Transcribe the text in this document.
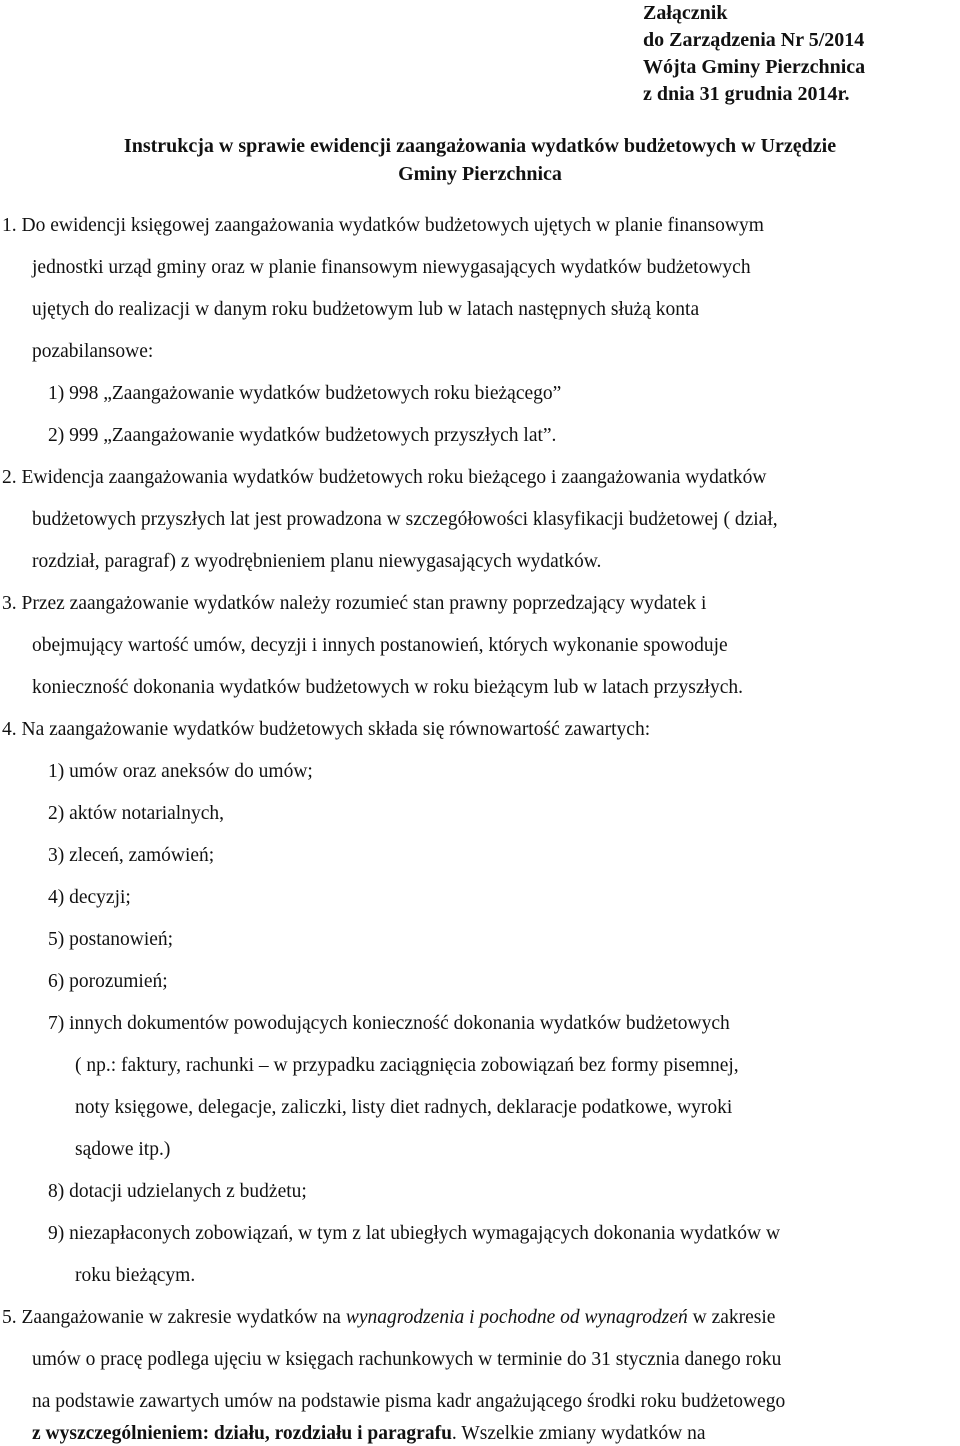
Załącznik
do Zarządzenia Nr 5/2014
Wójta Gminy Pierzchnica
z dnia 31 grudnia 2014r.
Instrukcja w sprawie ewidencji zaangażowania wydatków budżetowych w Urzędzie
Gminy Pierzchnica
1. Do ewidencji księgowej zaangażowania wydatków budżetowych ujętych w planie finansowym
jednostki urząd gminy oraz w planie finansowym niewygasających wydatków budżetowych
ujętych do realizacji w danym roku budżetowym lub w latach następnych służą konta
pozabilansowe:
1) 998 „Zaangażowanie wydatków budżetowych roku bieżącego”
2) 999 „Zaangażowanie wydatków budżetowych przyszłych lat”.
2. Ewidencja zaangażowania wydatków budżetowych roku bieżącego i zaangażowania wydatków
budżetowych przyszłych lat jest prowadzona w szczegółowości klasyfikacji budżetowej ( dział,
rozdział, paragraf) z wyodrębnieniem planu niewygasających wydatków.
3. Przez zaangażowanie wydatków należy rozumieć stan prawny poprzedzający wydatek i
obejmujący wartość umów, decyzji i innych postanowień, których wykonanie spowoduje
konieczność dokonania wydatków budżetowych w roku bieżącym lub w latach przyszłych.
4. Na zaangażowanie wydatków budżetowych składa się równowartość zawartych:
1) umów oraz aneksów do umów;
2) aktów notarialnych,
3) zleceń, zamówień;
4) decyzji;
5) postanowień;
6) porozumień;
7) innych dokumentów powodujących konieczność dokonania wydatków budżetowych
( np.: faktury, rachunki – w przypadku zaciągnięcia zobowiązań bez formy pisemnej,
noty księgowe, delegacje, zaliczki, listy diet radnych, deklaracje podatkowe, wyroki
sądowe itp.)
8) dotacji udzielanych z budżetu;
9) niezapłaconych zobowiązań, w tym z lat ubiegłych wymagających dokonania wydatków w
roku bieżącym.
5. Zaangażowanie w zakresie wydatków na wynagrodzenia i pochodne od wynagrodzeń w zakresie
umów o pracę podlega ujęciu w księgach rachunkowych w terminie do 31 stycznia danego roku
na podstawie zawartych umów na podstawie pisma kadr angażującego środki roku budżetowego
z wyszczególnieniem: działu, rozdziału i paragrafu. Wszelkie zmiany wydatków na
